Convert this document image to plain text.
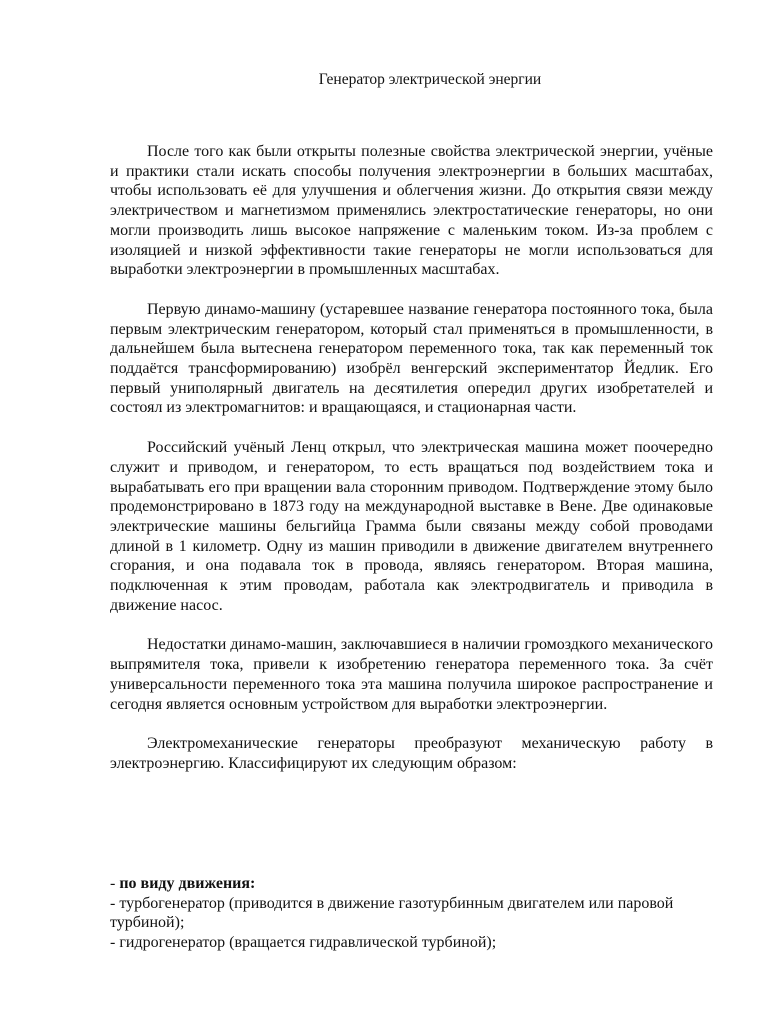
Генератор электрической энергии

После того как были открыты полезные свойства электрической энергии, учёные и практики стали искать способы получения электроэнергии в больших масштабах, чтобы использовать её для улучшения и облегчения жизни. До открытия связи между электричеством и магнетизмом применялись электростатические генераторы, но они могли производить лишь высокое напряжение с маленьким током. Из-за проблем с изоляцией и низкой эффективности такие генераторы не могли использоваться для выработки электроэнергии в промышленных масштабах.

Первую динамо-машину (устаревшее название генератора постоянного тока, была первым электрическим генератором, который стал применяться в промышленности, в дальнейшем была вытеснена генератором переменного тока, так как переменный ток поддаётся трансформированию) изобрёл венгерский экспериментатор Йедлик. Его первый униполярный двигатель на десятилетия опередил других изобретателей и состоял из электромагнитов: и вращающаяся, и стационарная части.

Российский учёный Ленц открыл, что электрическая машина может поочередно служит и приводом, и генератором, то есть вращаться под воздействием тока и вырабатывать его при вращении вала сторонним приводом. Подтверждение этому было продемонстрировано в 1873 году на международной выставке в Вене. Две одинаковые электрические машины бельгийца Грамма были связаны между собой проводами длиной в 1 километр. Одну из машин приводили в движение двигателем внутреннего сгорания, и она подавала ток в провода, являясь генератором. Вторая машина, подключенная к этим проводам, работала как электродвигатель и приводила в движение насос.

Недостатки динамо-машин, заключавшиеся в наличии громоздкого механического выпрямителя тока, привели к изобретению генератора переменного тока. За счёт универсальности переменного тока эта машина получила широкое распространение и сегодня является основным устройством для выработки электроэнергии.

Электромеханические генераторы преобразуют механическую работу в электроэнергию. Классифицируют их следующим образом:

- по виду движения:

- турбогенератор (приводится в движение газотурбинным двигателем или паровой турбиной);

- гидрогенератор (вращается гидравлической турбиной);
